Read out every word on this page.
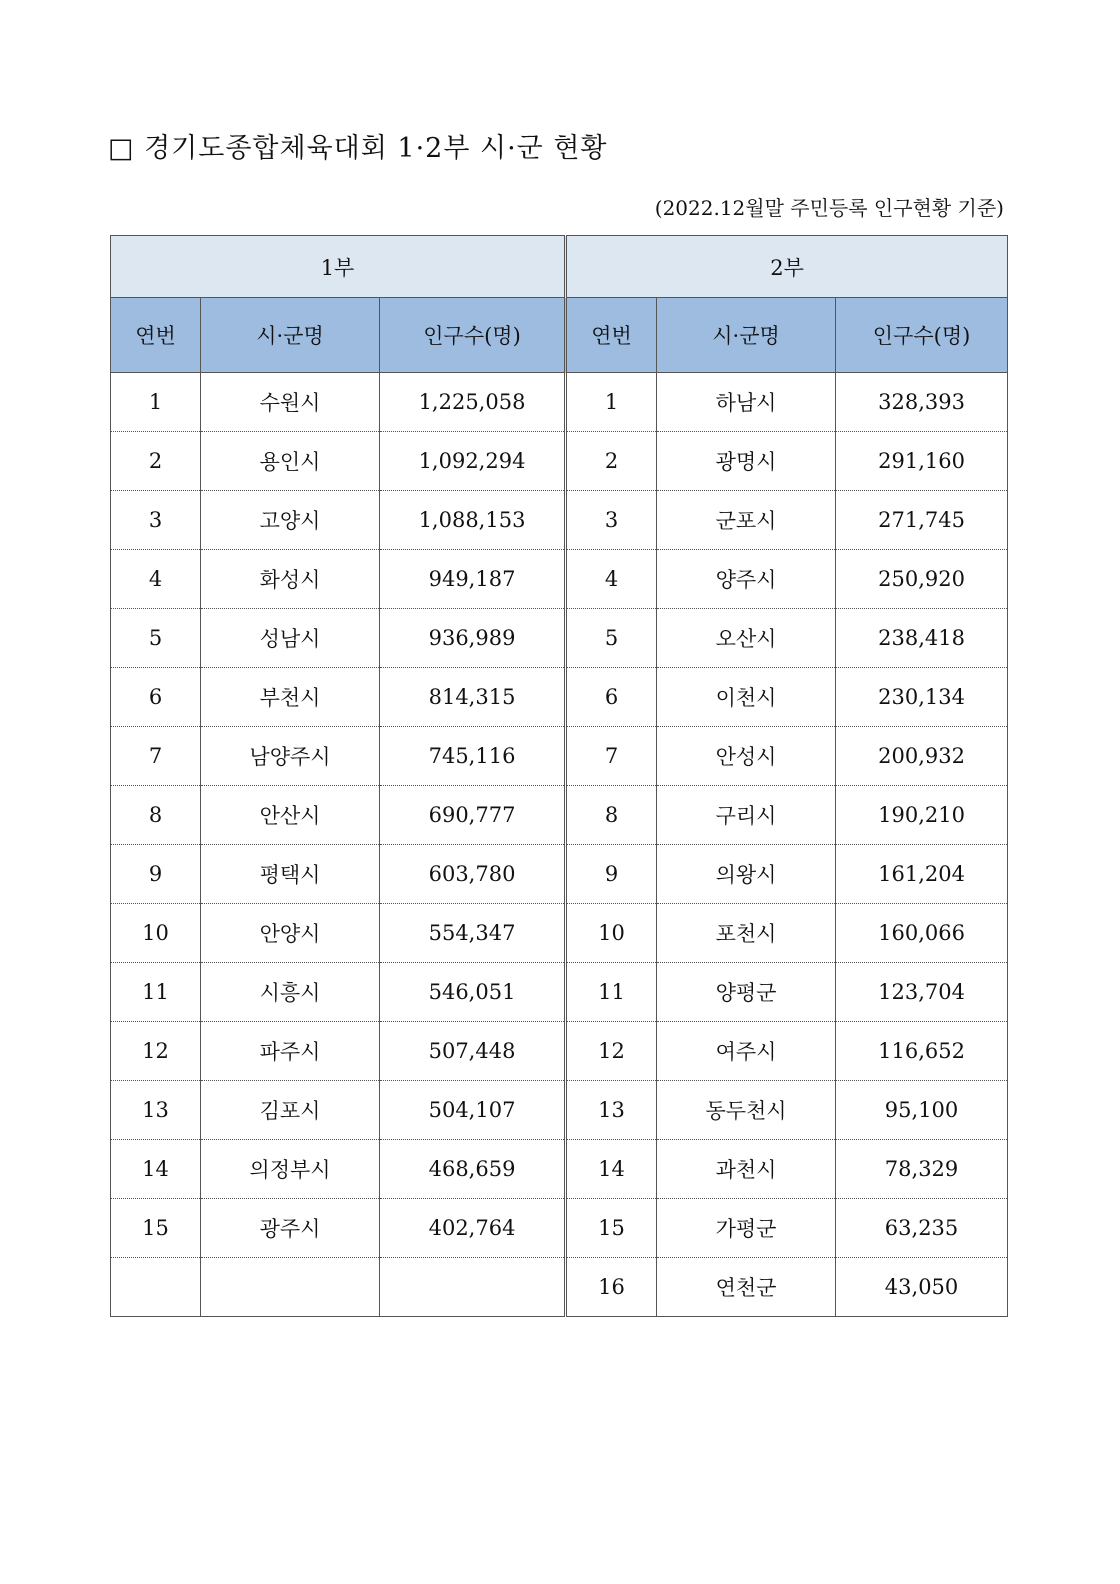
□ 경기도종합체육대회 1·2부 시·군 현황
(2022.12월말 주민등록 인구현황 기준)
1부			2부		
연번	시·군명	인구수(명)	연번	시·군명	인구수(명)
1	수원시	1,225,058	1	하남시	328,393
2	용인시	1,092,294	2	광명시	291,160
3	고양시	1,088,153	3	군포시	271,745
4	화성시	949,187	4	양주시	250,920
5	성남시	936,989	5	오산시	238,418
6	부천시	814,315	6	이천시	230,134
7	남양주시	745,116	7	안성시	200,932
8	안산시	690,777	8	구리시	190,210
9	평택시	603,780	9	의왕시	161,204
10	안양시	554,347	10	포천시	160,066
11	시흥시	546,051	11	양평군	123,704
12	파주시	507,448	12	여주시	116,652
13	김포시	504,107	13	동두천시	95,100
14	의정부시	468,659	14	과천시	78,329
15	광주시	402,764	15	가평군	63,235
			16	연천군	43,050
